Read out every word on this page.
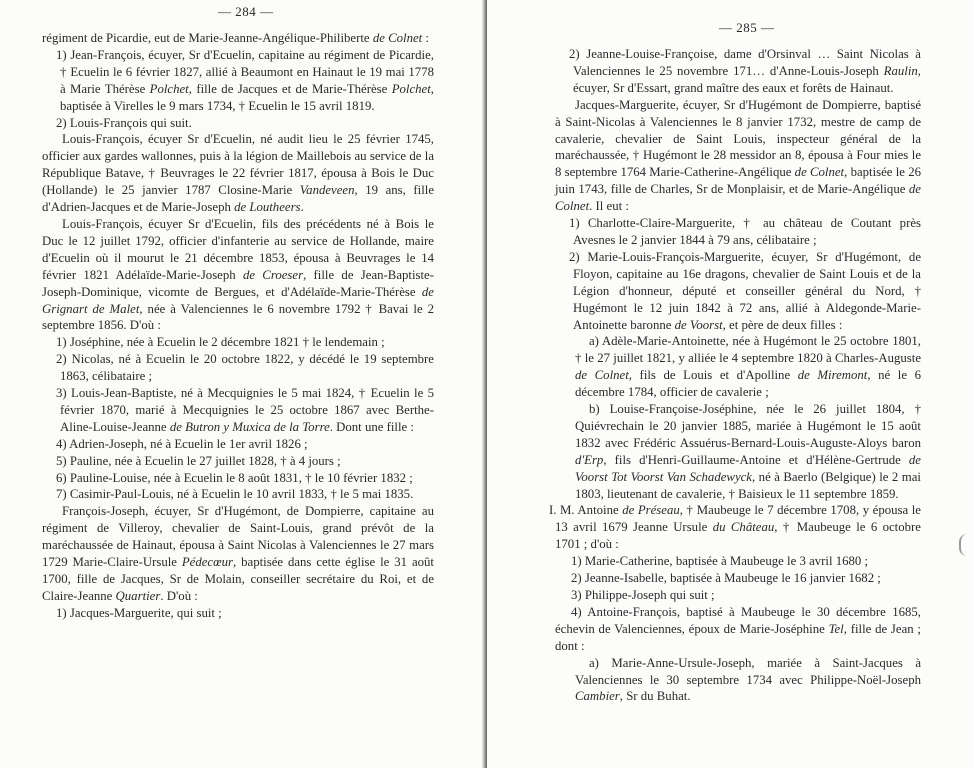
— 284 —

régiment de Picardie, eut de Marie-Jeanne-Angélique-Philiberte de Colnet :

1) Jean-François, écuyer, Sr d'Ecuelin, capitaine au régiment de Picardie, † Ecuelin le 6 février 1827, allié à Beaumont en Hainaut le 19 mai 1778 à Marie Thérèse Polchet, fille de Jacques et de Marie-Thérèse Polchet, baptisée à Virelles le 9 mars 1734, † Ecuelin le 15 avril 1819.

2) Louis-François qui suit.

Louis-François, écuyer Sr d'Ecuelin, né audit lieu le 25 février 1745, officier aux gardes wallonnes, puis à la légion de Maillebois au service de la République Batave, † Beuvrages le 22 février 1817, épousa à Bois le Duc (Hollande) le 25 janvier 1787 Closine-Marie Vandeveen, 19 ans, fille d'Adrien-Jacques et de Marie-Joseph de Loutheers.

Louis-François, écuyer Sr d'Ecuelin, fils des précédents né à Bois le Duc le 12 juillet 1792, officier d'infanterie au service de Hollande, maire d'Ecuelin où il mourut le 21 décembre 1853, épousa à Beuvrages le 14 février 1821 Adélaïde-Marie-Joseph de Croeser, fille de Jean-Baptiste-Joseph-Dominique, vicomte de Bergues, et d'Adélaïde-Marie-Thérèse de Grignart de Malet, née à Valenciennes le 6 novembre 1792 † Bavai le 2 septembre 1856. D'où :

1) Joséphine, née à Ecuelin le 2 décembre 1821 † le lendemain ;

2) Nicolas, né à Ecuelin le 20 octobre 1822, y décédé le 19 septembre 1863, célibataire ;

3) Louis-Jean-Baptiste, né à Mecquignies le 5 mai 1824, † Ecuelin le 5 février 1870, marié à Mecquignies le 25 octobre 1867 avec Berthe-Aline-Louise-Jeanne de Butron y Muxica de la Torre. Dont une fille :

4) Adrien-Joseph, né à Ecuelin le 1er avril 1826 ;

5) Pauline, née à Ecuelin le 27 juillet 1828, † à 4 jours ;

6) Pauline-Louise, née à Ecuelin le 8 août 1831, † le 10 février 1832 ;

7) Casimir-Paul-Louis, né à Ecuelin le 10 avril 1833, † le 5 mai 1835.

François-Joseph, écuyer, Sr d'Hugémont, de Dompierre, capitaine au régiment de Villeroy, chevalier de Saint-Louis, grand prévôt de la maréchaussée de Hainaut, épousa à Saint Nicolas à Valenciennes le 27 mars 1729 Marie-Claire-Ursule Pédecœur, baptisée dans cette église le 31 août 1700, fille de Jacques, Sr de Molain, conseiller secrétaire du Roi, et de Claire-Jeanne Quartier. D'où :

1) Jacques-Marguerite, qui suit ;

— 285 —

2) Jeanne-Louise-Françoise, dame d'Orsinval … Saint Nicolas à Valenciennes le 25 novembre 171… d'Anne-Louis-Joseph Raulin, écuyer, Sr d'Essart, grand maître des eaux et forêts de Hainaut.

Jacques-Marguerite, écuyer, Sr d'Hugémont de Dompierre, baptisé à Saint-Nicolas à Valenciennes le 8 janvier 1732, mestre de camp de cavalerie, chevalier de Saint Louis, inspecteur général de la maréchaussée, † Hugémont le 28 messidor an 8, épousa à Four mies le 8 septembre 1764 Marie-Catherine-Angélique de Colnet, baptisée le 26 juin 1743, fille de Charles, Sr de Monplaisir, et de Marie-Angélique de Colnet. Il eut :

1) Charlotte-Claire-Marguerite, † au château de Coutant près Avesnes le 2 janvier 1844 à 79 ans, célibataire ;

2) Marie-Louis-François-Marguerite, écuyer, Sr d'Hugémont, de Floyon, capitaine au 16e dragons, chevalier de Saint Louis et de la Légion d'honneur, député et conseiller général du Nord, † Hugémont le 12 juin 1842 à 72 ans, allié à Aldegonde-Marie-Antoinette baronne de Voorst, et père de deux filles :

a) Adèle-Marie-Antoinette, née à Hugémont le 25 octobre 1801, † le 27 juillet 1821, y alliée le 4 septembre 1820 à Charles-Auguste de Colnet, fils de Louis et d'Apolline de Miremont, né le 6 décembre 1784, officier de cavalerie ;

b) Louise-Françoise-Joséphine, née le 26 juillet 1804, † Quiévrechain le 20 janvier 1885, mariée à Hugémont le 15 août 1832 avec Frédéric Assuérus-Bernard-Louis-Auguste-Aloys baron d'Erp, fils d'Henri-Guillaume-Antoine et d'Hélène-Gertrude de Voorst Tot Voorst Van Schadewyck, né à Baerlo (Belgique) le 2 mai 1803, lieutenant de cavalerie, † Baisieux le 11 septembre 1859.

I. M. Antoine de Préseau, † Maubeuge le 7 décembre 1708, y épousa le 13 avril 1679 Jeanne Ursule du Château, † Maubeuge le 6 octobre 1701 ; d'où :

1) Marie-Catherine, baptisée à Maubeuge le 3 avril 1680 ;

2) Jeanne-Isabelle, baptisée à Maubeuge le 16 janvier 1682 ;

3) Philippe-Joseph qui suit ;

4) Antoine-François, baptisé à Maubeuge le 30 décembre 1685, échevin de Valenciennes, époux de Marie-Joséphine Tel, fille de Jean ; dont :

a) Marie-Anne-Ursule-Joseph, mariée à Saint-Jacques à Valenciennes le 30 septembre 1734 avec Philippe-Noël-Joseph Cambier, Sr du Buhat.
